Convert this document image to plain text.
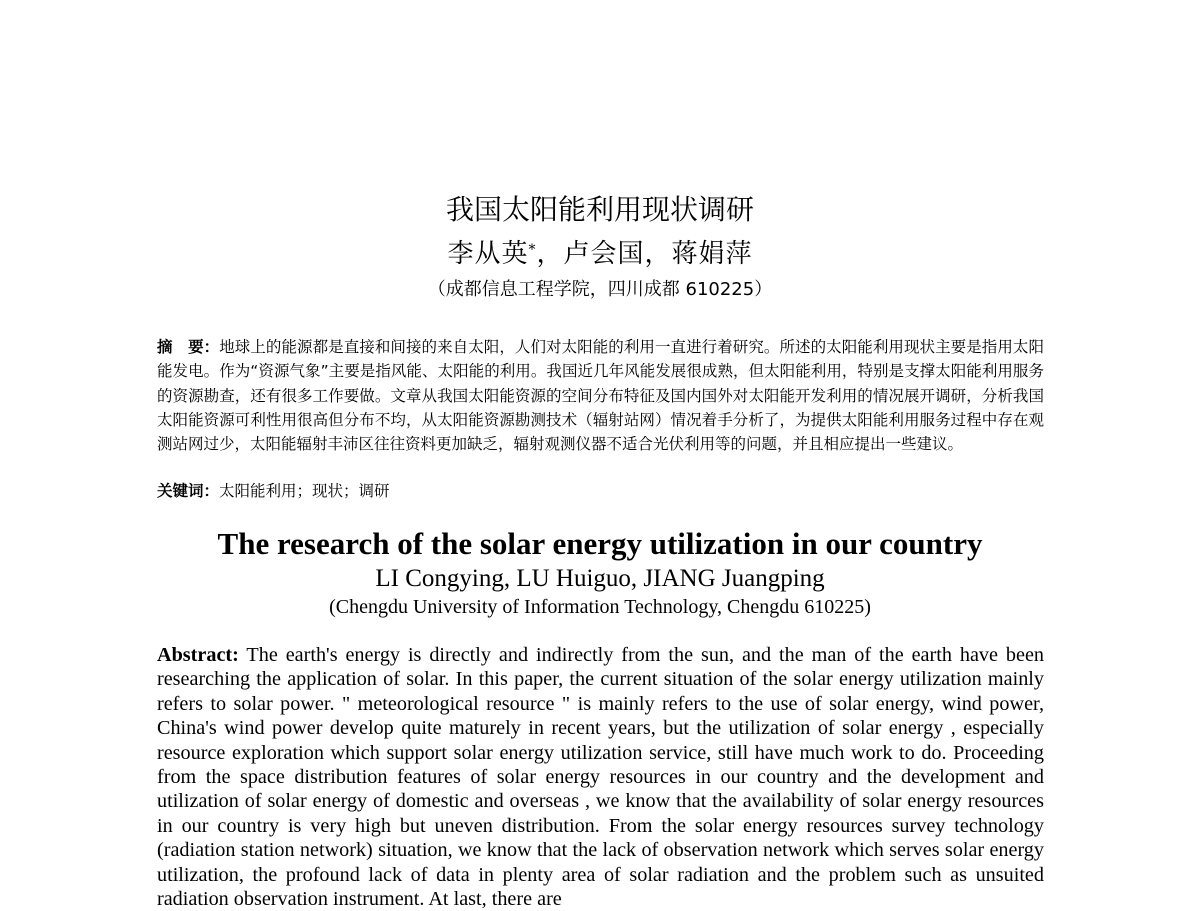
我国太阳能利用现状调研
李从英*，卢会国，蒋娟萍
（成都信息工程学院，四川成都 610225）
摘　要：地球上的能源都是直接和间接的来自太阳，人们对太阳能的利用一直进行着研究。所述的太阳能利用现状主要是指用太阳能发电。作为“资源气象”主要是指风能、太阳能的利用。我国近几年风能发展很成熟，但太阳能利用，特别是支撑太阳能利用服务的资源勘查，还有很多工作要做。文章从我国太阳能资源的空间分布特征及国内国外对太阳能开发利用的情况展开调研，分析我国太阳能资源可利性用很高但分布不均，从太阳能资源勘测技术（辐射站网）情况着手分析了，为提供太阳能利用服务过程中存在观测站网过少，太阳能辐射丰沛区往往资料更加缺乏，辐射观测仪器不适合光伏利用等的问题，并且相应提出一些建议。
关键词：太阳能利用；现状；调研
The research of the solar energy utilization in our country
LI Congying, LU Huiguo, JIANG Juangping
(Chengdu University of Information Technology, Chengdu 610225)
Abstract: The earth's energy is directly and indirectly from the sun, and the man of the earth have been researching the application of solar. In this paper, the current situation of the solar energy utilization mainly refers to solar power. " meteorological resource " is mainly refers to the use of solar energy, wind power, China's wind power develop quite maturely in recent years, but the utilization of solar energy , especially resource exploration which support solar energy utilization service, still have much work to do. Proceeding from the space distribution features of solar energy resources in our country and the development and utilization of solar energy of domestic and overseas , we know that the availability of solar energy resources in our country is very high but uneven distribution. From the solar energy resources survey technology (radiation station network) situation, we know that the lack of observation network which serves solar energy utilization, the profound lack of data in plenty area of solar radiation and the problem such as unsuited radiation observation instrument. At last, there are
